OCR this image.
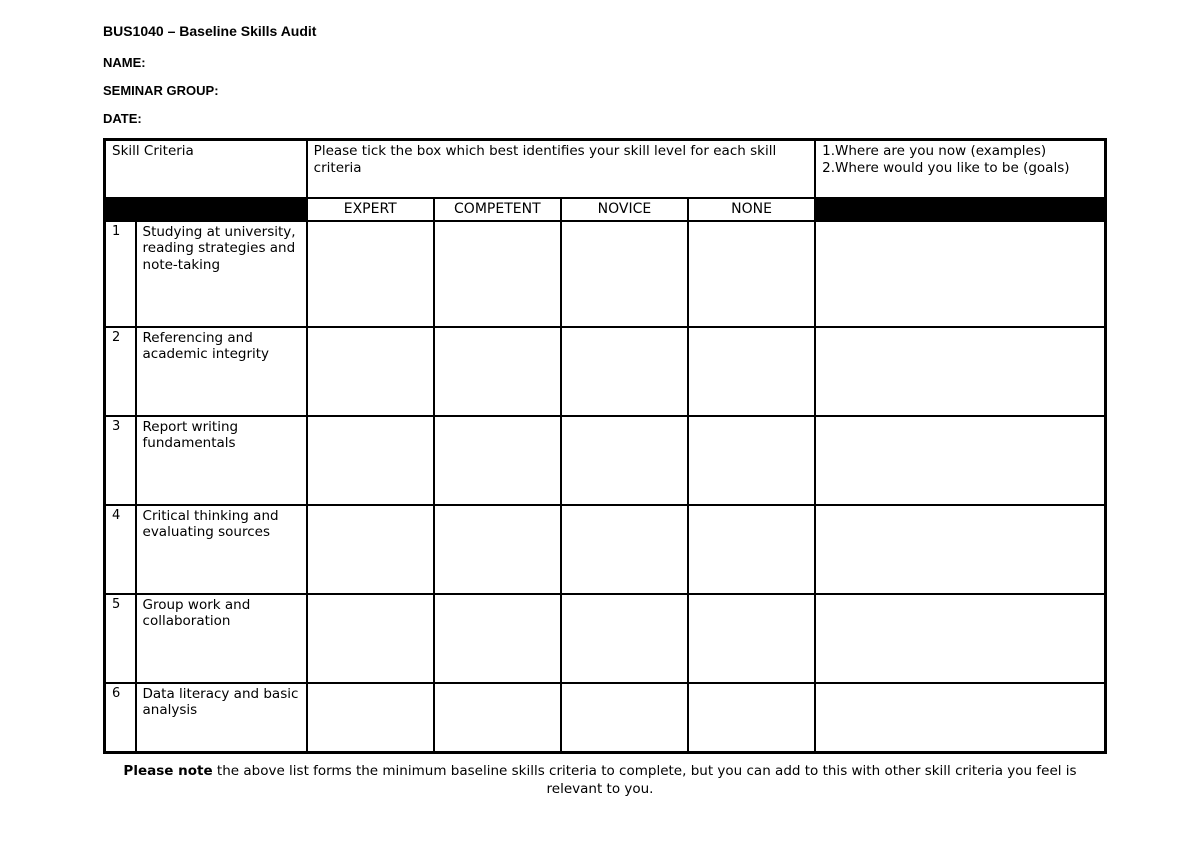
BUS1040 – Baseline Skills Audit
NAME:
SEMINAR GROUP:
DATE:
Skill Criteria		Please tick the box which best identifies your skill level for each skill criteria				1.Where are you now (examples)
2.Where would you like to be (goals)

		EXPERT	COMPETENT	NOVICE	NONE	
1	Studying at university, reading strategies and note-taking					
2	Referencing and academic integrity					
3	Report writing fundamentals					
4	Critical thinking and evaluating sources					
5	Group work and collaboration					
6	Data literacy and basic analysis					
Please note the above list forms the minimum baseline skills criteria to complete, but you can add to this with other skill criteria you feel is relevant to you.
